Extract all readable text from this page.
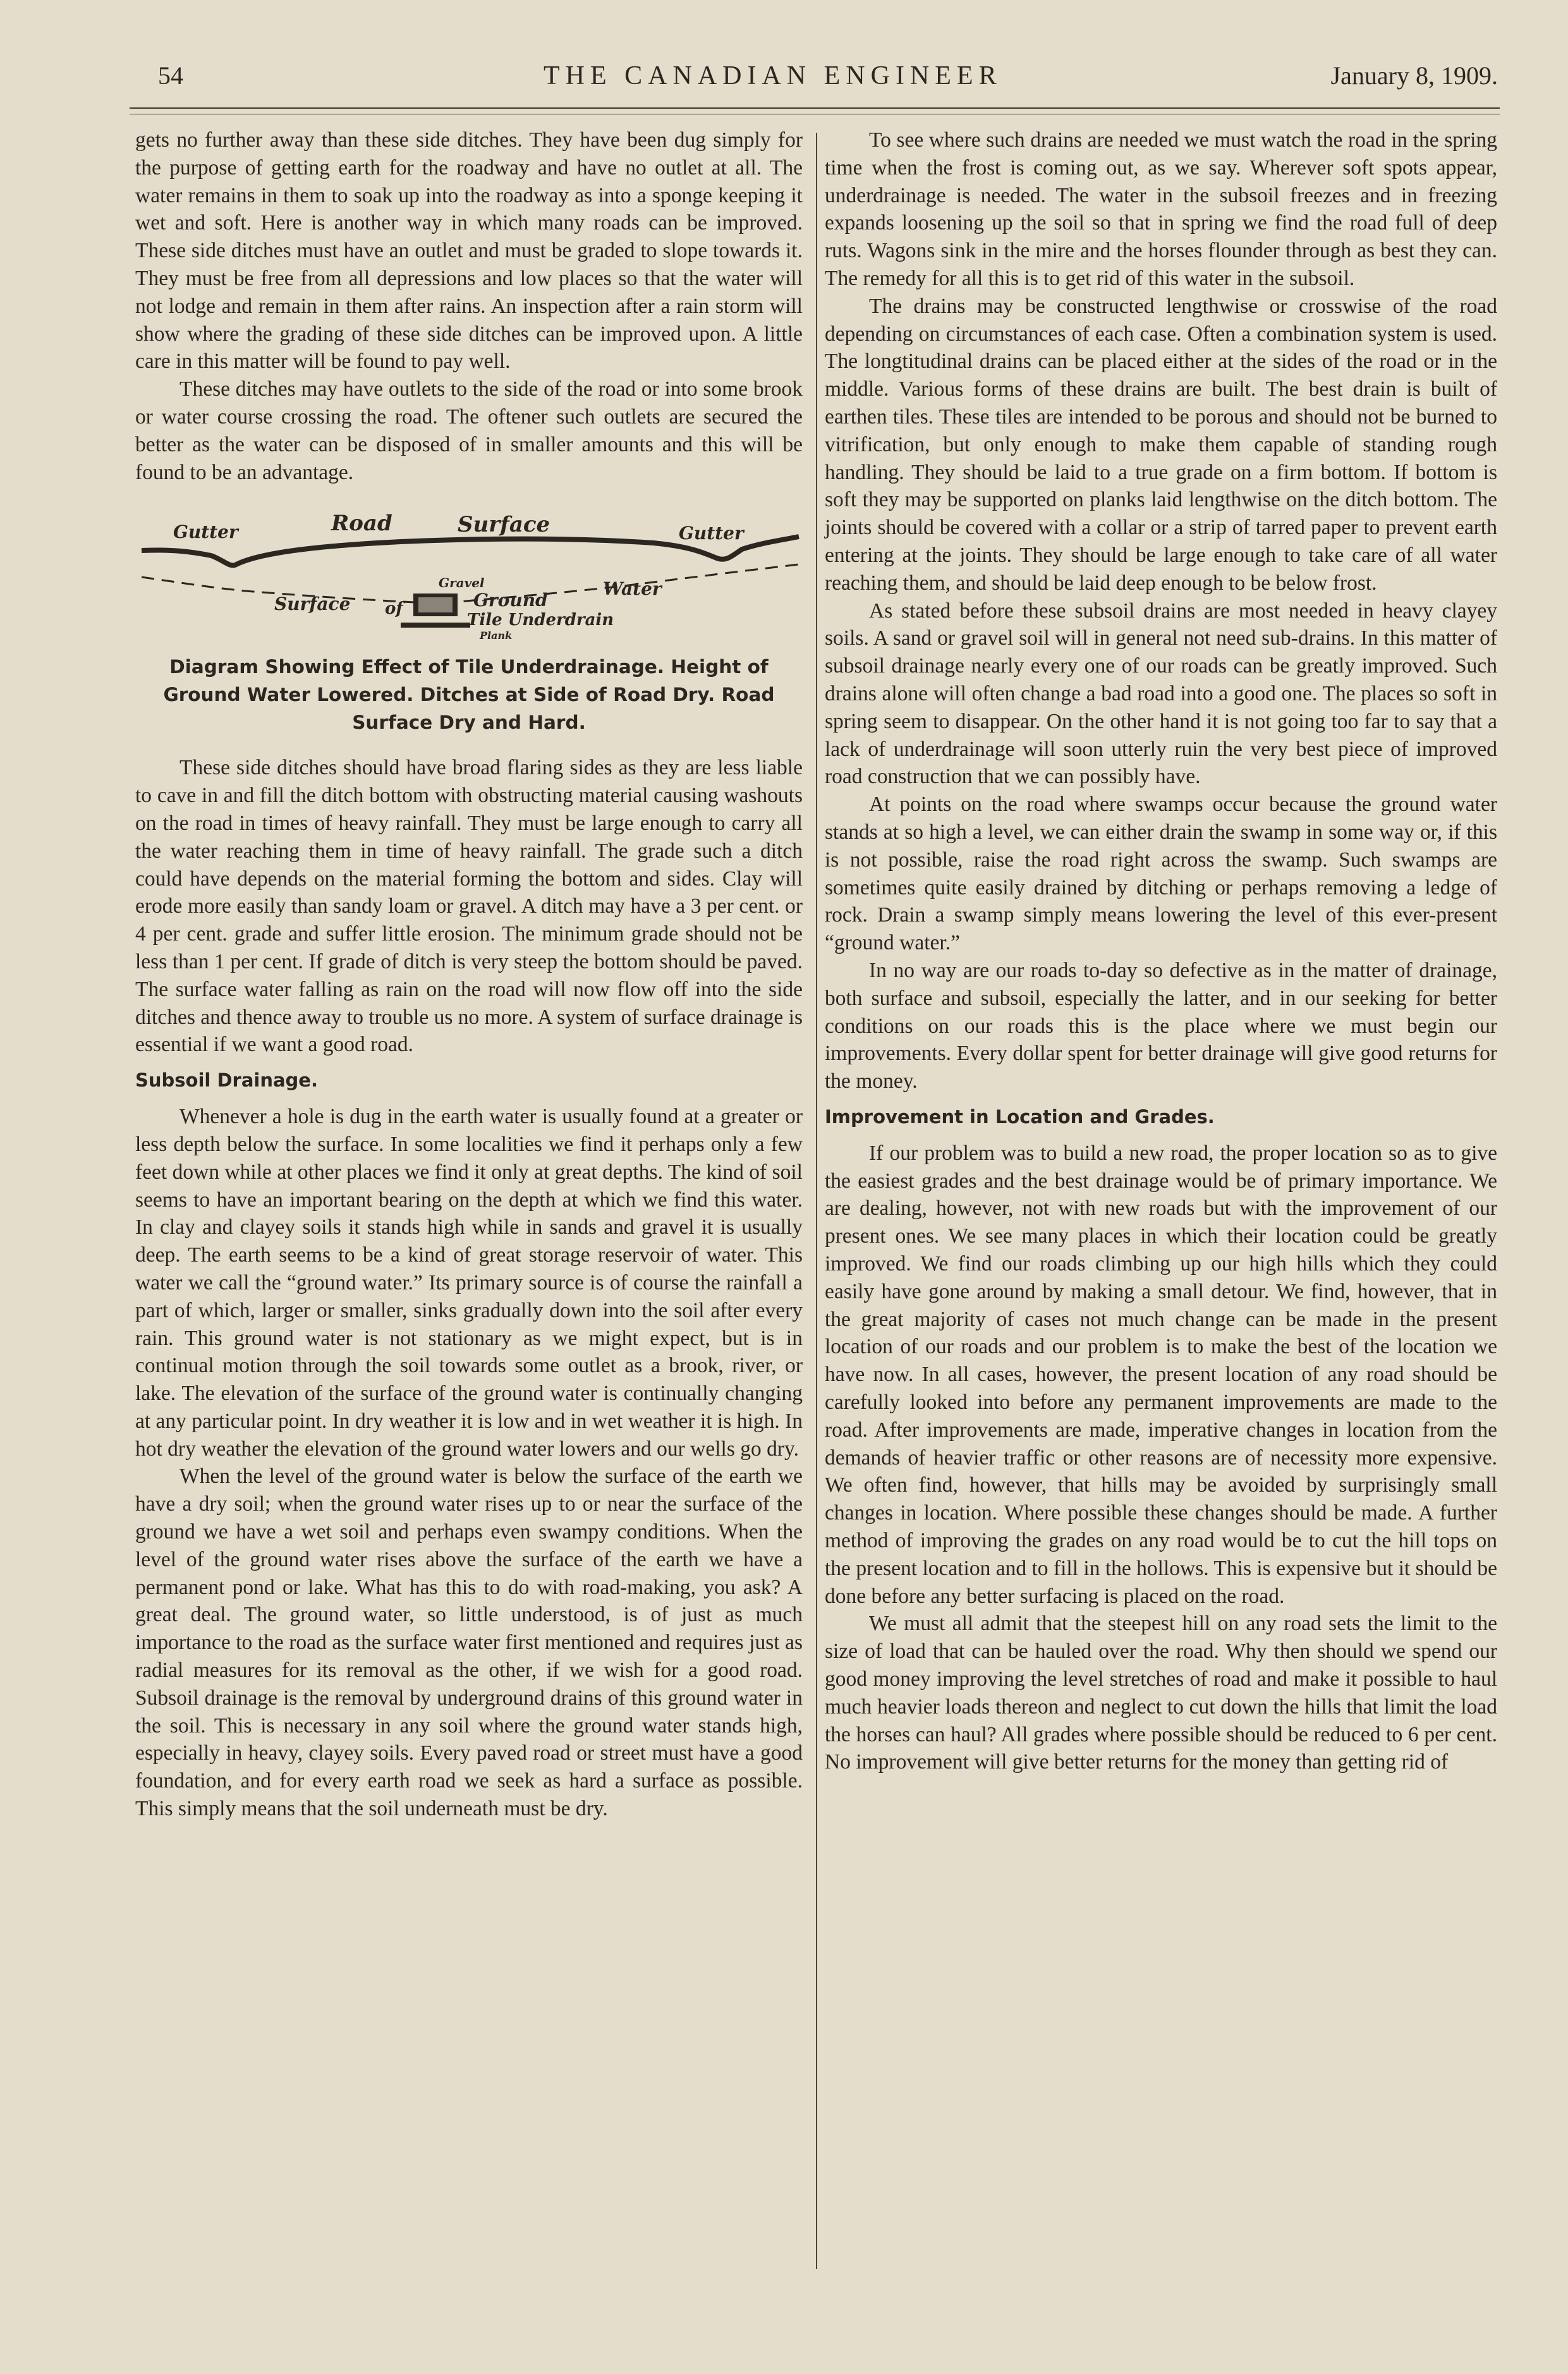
54	THE CANADIAN ENGINEER	January 8, 1909.

gets no further away than these side ditches. They have been dug simply for the purpose of getting earth for the roadway and have no outlet at all. The water remains in them to soak up into the roadway as into a sponge keeping it wet and soft. Here is another way in which many roads can be improved. These side ditches must have an outlet and must be graded to slope towards it. They must be free from all depressions and low places so that the water will not lodge and remain in them after rains. An inspection after a rain storm will show where the grading of these side ditches can be improved upon. A little care in this matter will be found to pay well.

These ditches may have outlets to the side of the road or into some brook or water course crossing the road. The oftener such outlets are secured the better as the water can be disposed of in smaller amounts and this will be found to be an advantage.

Gutter	Road	Surface	Gutter
Surface of
Gravel
Ground
Water
Tile Underdrain
Plank
Diagram Showing Effect of Tile Underdrainage. Height of Ground Water Lowered. Ditches at Side of Road Dry. Road Surface Dry and Hard.

These side ditches should have broad flaring sides as they are less liable to cave in and fill the ditch bottom with obstructing material causing washouts on the road in times of heavy rainfall. They must be large enough to carry all the water reaching them in time of heavy rainfall. The grade such a ditch could have depends on the material forming the bottom and sides. Clay will erode more easily than sandy loam or gravel. A ditch may have a 3 per cent. or 4 per cent. grade and suffer little erosion. The minimum grade should not be less than 1 per cent. If grade of ditch is very steep the bottom should be paved. The surface water falling as rain on the road will now flow off into the side ditches and thence away to trouble us no more. A system of surface drainage is essential if we want a good road.

Subsoil Drainage.

Whenever a hole is dug in the earth water is usually found at a greater or less depth below the surface. In some localities we find it perhaps only a few feet down while at other places we find it only at great depths. The kind of soil seems to have an important bearing on the depth at which we find this water. In clay and clayey soils it stands high while in sands and gravel it is usually deep. The earth seems to be a kind of great storage reservoir of water. This water we call the “ground water.” Its primary source is of course the rainfall a part of which, larger or smaller, sinks gradually down into the soil after every rain. This ground water is not stationary as we might expect, but is in continual motion through the soil towards some outlet as a brook, river, or lake. The elevation of the surface of the ground water is continually changing at any particular point. In dry weather it is low and in wet weather it is high. In hot dry weather the elevation of the ground water lowers and our wells go dry.

When the level of the ground water is below the surface of the earth we have a dry soil; when the ground water rises up to or near the surface of the ground we have a wet soil and perhaps even swampy conditions. When the level of the ground water rises above the surface of the earth we have a permanent pond or lake. What has this to do with road-making, you ask? A great deal. The ground water, so little understood, is of just as much importance to the road as the surface water first mentioned and requires just as radial measures for its removal as the other, if we wish for a good road. Subsoil drainage is the removal by underground drains of this ground water in the soil. This is necessary in any soil where the ground water stands high, especially in heavy, clayey soils. Every paved road or street must have a good foundation, and for every earth road we seek as hard a surface as possible. This simply means that the soil underneath must be dry.

To see where such drains are needed we must watch the road in the spring time when the frost is coming out, as we say. Wherever soft spots appear, underdrainage is needed. The water in the subsoil freezes and in freezing expands loosening up the soil so that in spring we find the road full of deep ruts. Wagons sink in the mire and the horses flounder through as best they can. The remedy for all this is to get rid of this water in the subsoil.

The drains may be constructed lengthwise or crosswise of the road depending on circumstances of each case. Often a combination system is used. The longtitudinal drains can be placed either at the sides of the road or in the middle. Various forms of these drains are built. The best drain is built of earthen tiles. These tiles are intended to be porous and should not be burned to vitrification, but only enough to make them capable of standing rough handling. They should be laid to a true grade on a firm bottom. If bottom is soft they may be supported on planks laid lengthwise on the ditch bottom. The joints should be covered with a collar or a strip of tarred paper to prevent earth entering at the joints. They should be large enough to take care of all water reaching them, and should be laid deep enough to be below frost.

As stated before these subsoil drains are most needed in heavy clayey soils. A sand or gravel soil will in general not need sub-drains. In this matter of subsoil drainage nearly every one of our roads can be greatly improved. Such drains alone will often change a bad road into a good one. The places so soft in spring seem to disappear. On the other hand it is not going too far to say that a lack of underdrainage will soon utterly ruin the very best piece of improved road construction that we can possibly have.

At points on the road where swamps occur because the ground water stands at so high a level, we can either drain the swamp in some way or, if this is not possible, raise the road right across the swamp. Such swamps are sometimes quite easily drained by ditching or perhaps removing a ledge of rock. Drain a swamp simply means lowering the level of this ever-present “ground water.”

In no way are our roads to-day so defective as in the matter of drainage, both surface and subsoil, especially the latter, and in our seeking for better conditions on our roads this is the place where we must begin our improvements. Every dollar spent for better drainage will give good returns for the money.

Improvement in Location and Grades.

If our problem was to build a new road, the proper location so as to give the easiest grades and the best drainage would be of primary importance. We are dealing, however, not with new roads but with the improvement of our present ones. We see many places in which their location could be greatly improved. We find our roads climbing up our high hills which they could easily have gone around by making a small detour. We find, however, that in the great majority of cases not much change can be made in the present location of our roads and our problem is to make the best of the location we have now. In all cases, however, the present location of any road should be carefully looked into before any permanent improvements are made to the road. After improvements are made, imperative changes in location from the demands of heavier traffic or other reasons are of necessity more expensive. We often find, however, that hills may be avoided by surprisingly small changes in location. Where possible these changes should be made. A further method of improving the grades on any road would be to cut the hill tops on the present location and to fill in the hollows. This is expensive but it should be done before any better surfacing is placed on the road.

We must all admit that the steepest hill on any road sets the limit to the size of load that can be hauled over the road. Why then should we spend our good money improving the level stretches of road and make it possible to haul much heavier loads thereon and neglect to cut down the hills that limit the load the horses can haul? All grades where possible should be reduced to 6 per cent. No improvement will give better returns for the money than getting rid of
